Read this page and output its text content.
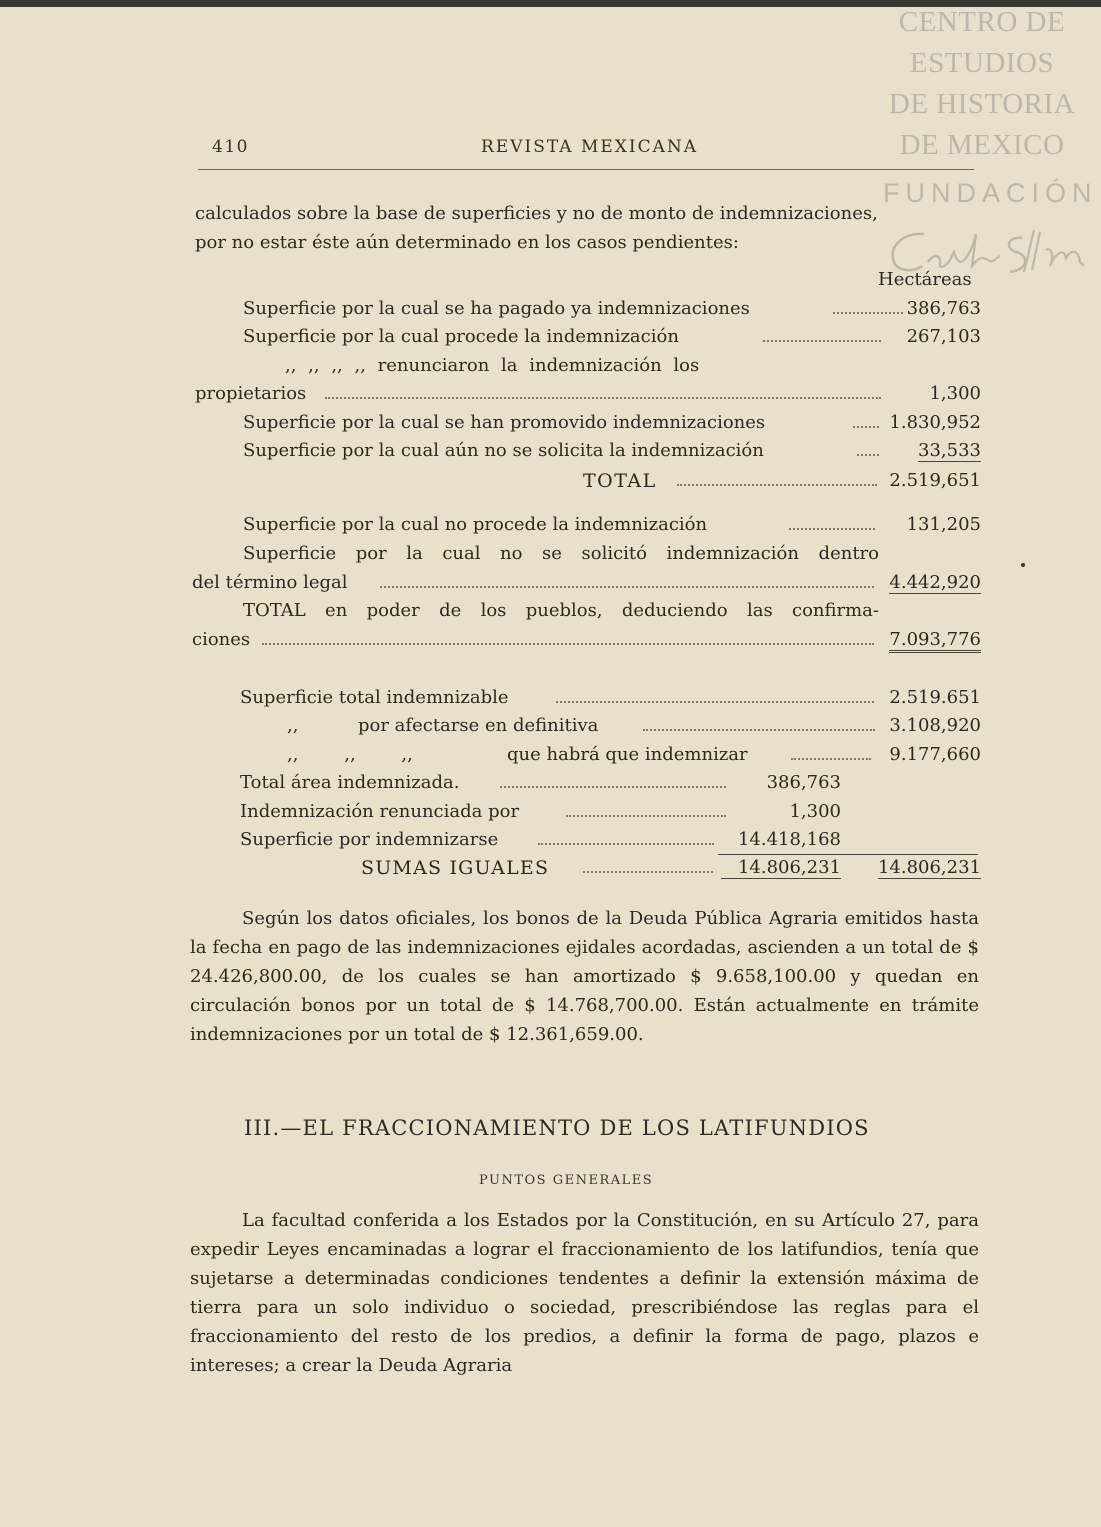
CENTRO DE
ESTUDIOS
DE HISTORIA
DE MEXICO
FUNDACIÓN
410	REVISTA MEXICANA
calculados sobre la base de superficies y no de monto de indemnizaciones,
por no estar éste aún determinado en los casos pendientes:
Hectáreas
Superficie por la cual se ha pagado ya indemnizaciones	386,763
Superficie por la cual procede la indemnización	267,103
,, ,, ,, ,, renunciaron la indemnización los
propietarios	1,300
Superficie por la cual se han promovido indemnizaciones	1.830,952
Superficie por la cual aún no se solicita la indemnización	33,533
TOTAL	2.519,651
Superficie por la cual no procede la indemnización	131,205
Superficie por la cual no se solicitó indemnización dentro
del término legal	4.442,920
TOTAL en poder de los pueblos, deduciendo las confirma-
ciones	7.093,776
Superficie total indemnizable	2.519.651
,,	por afectarse en definitiva	3.108,920
,,        ,,        ,,	que habrá que indemnizar	9.177,660
Total área indemnizada.	386,763
Indemnización renunciada por	1,300
Superficie por indemnizarse	14.418,168
SUMAS IGUALES	14.806,231 14.806,231

Según los datos oficiales, los bonos de la Deuda Pública Agraria emitidos hasta la fecha en pago de las indemnizaciones ejidales acordadas, ascienden a un total de $ 24.426,800.00, de los cuales se han amortizado $ 9.658,100.00 y quedan en circulación bonos por un total de $ 14.768,700.00. Están actualmente en trámite indemnizaciones por un total de $ 12.361,659.00.

III.—EL FRACCIONAMIENTO DE LOS LATIFUNDIOS
PUNTOS GENERALES

La facultad conferida a los Estados por la Constitución, en su Artículo 27, para expedir Leyes encaminadas a lograr el fraccionamiento de los latifundios, tenía que sujetarse a determinadas condiciones tendentes a definir la extensión máxima de tierra para un solo individuo o sociedad, prescribiéndose las reglas para el fraccionamiento del resto de los predios, a definir la forma de pago, plazos e intereses; a crear la Deuda Agraria
